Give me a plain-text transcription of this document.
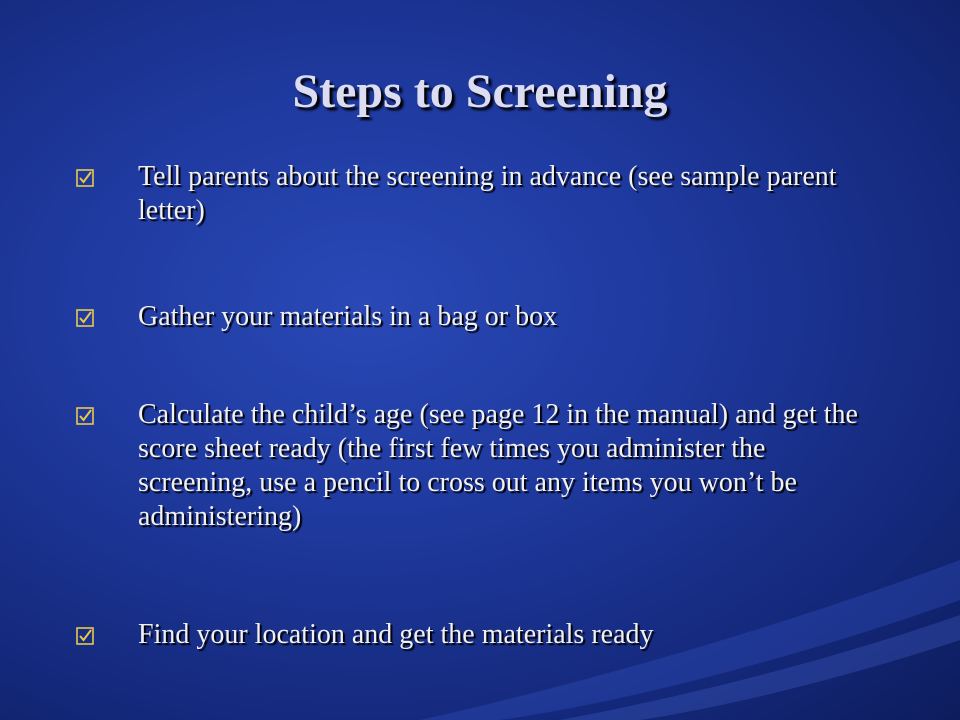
Steps to Screening
Tell parents about the screening in advance (see sample parent letter)
Gather your materials in a bag or box
Calculate the child’s age (see page 12 in the manual) and get the score sheet ready (the first few times you administer the screening, use a pencil to cross out any items you won’t be administering)
Find your location and get the materials ready
